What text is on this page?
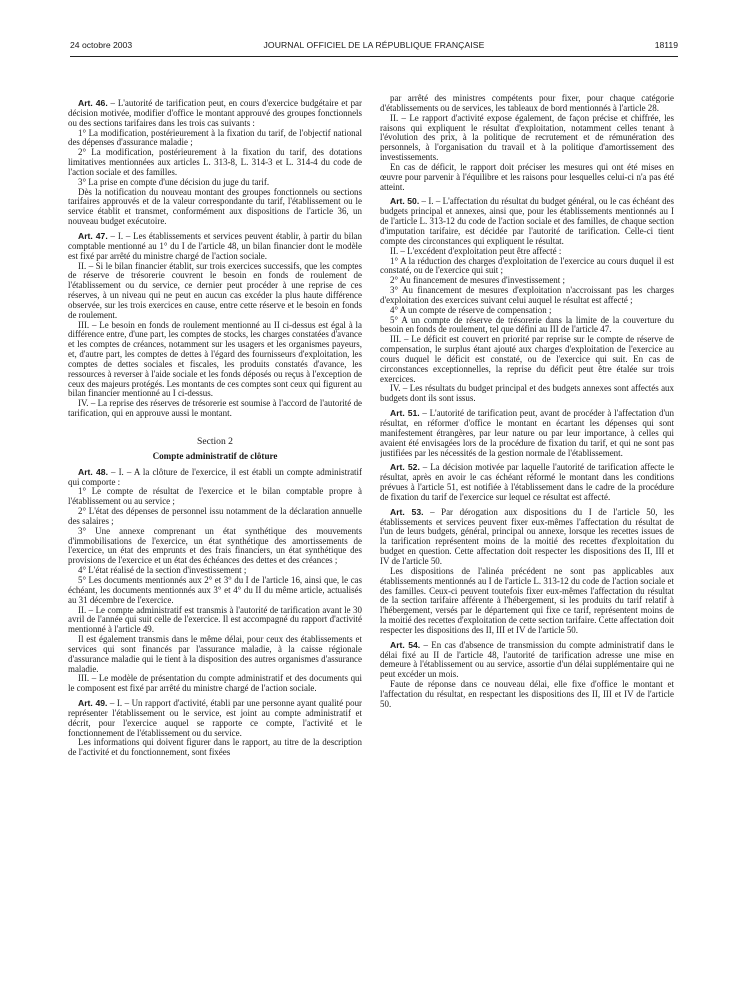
24 octobre 2003	JOURNAL OFFICIEL DE LA RÉPUBLIQUE FRANÇAISE	18119

Art. 46. – L'autorité de tarification peut, en cours d'exercice budgétaire et par décision motivée, modifier d'office le montant approuvé des groupes fonctionnels ou des sections tarifaires dans les trois cas suivants :

1° La modification, postérieurement à la fixation du tarif, de l'objectif national des dépenses d'assurance maladie ;

2° La modification, postérieurement à la fixation du tarif, des dotations limitatives mentionnées aux articles L. 313-8, L. 314-3 et L. 314-4 du code de l'action sociale et des familles.

3° La prise en compte d'une décision du juge du tarif.

Dès la notification du nouveau montant des groupes fonctionnels ou sections tarifaires approuvés et de la valeur correspondante du tarif, l'établissement ou le service établit et transmet, conformément aux dispositions de l'article 36, un nouveau budget exécutoire.

Art. 47. – I. – Les établissements et services peuvent établir, à partir du bilan comptable mentionné au 1° du I de l'article 48, un bilan financier dont le modèle est fixé par arrêté du ministre chargé de l'action sociale.

II. – Si le bilan financier établit, sur trois exercices successifs, que les comptes de réserve de trésorerie couvrent le besoin en fonds de roulement de l'établissement ou du service, ce dernier peut procéder à une reprise de ces réserves, à un niveau qui ne peut en aucun cas excéder la plus haute différence observée, sur les trois exercices en cause, entre cette réserve et le besoin en fonds de roulement.

III. – Le besoin en fonds de roulement mentionné au II ci-dessus est égal à la différence entre, d'une part, les comptes de stocks, les charges constatées d'avance et les comptes de créances, notamment sur les usagers et les organismes payeurs, et, d'autre part, les comptes de dettes à l'égard des fournisseurs d'exploitation, les comptes de dettes sociales et fiscales, les produits constatés d'avance, les ressources à reverser à l'aide sociale et les fonds déposés ou reçus à l'exception de ceux des majeurs protégés. Les montants de ces comptes sont ceux qui figurent au bilan financier mentionné au I ci-dessus.

IV. – La reprise des réserves de trésorerie est soumise à l'accord de l'autorité de tarification, qui en approuve aussi le montant.

Section 2

Compte administratif de clôture

Art. 48. – I. – A la clôture de l'exercice, il est établi un compte administratif qui comporte :

1° Le compte de résultat de l'exercice et le bilan comptable propre à l'établissement ou au service ;

2° L'état des dépenses de personnel issu notamment de la déclaration annuelle des salaires ;

3° Une annexe comprenant un état synthétique des mouvements d'immobilisations de l'exercice, un état synthétique des amortissements de l'exercice, un état des emprunts et des frais financiers, un état synthétique des provisions de l'exercice et un état des échéances des dettes et des créances ;

4° L'état réalisé de la section d'investissement ;

5° Les documents mentionnés aux 2° et 3° du I de l'article 16, ainsi que, le cas échéant, les documents mentionnés aux 3° et 4° du II du même article, actualisés au 31 décembre de l'exercice.

II. – Le compte administratif est transmis à l'autorité de tarification avant le 30 avril de l'année qui suit celle de l'exercice. Il est accompagné du rapport d'activité mentionné à l'article 49.

Il est également transmis dans le même délai, pour ceux des établissements et services qui sont financés par l'assurance maladie, à la caisse régionale d'assurance maladie qui le tient à la disposition des autres organismes d'assurance maladie.

III. – Le modèle de présentation du compte administratif et des documents qui le composent est fixé par arrêté du ministre chargé de l'action sociale.

Art. 49. – I. – Un rapport d'activité, établi par une personne ayant qualité pour représenter l'établissement ou le service, est joint au compte administratif et décrit, pour l'exercice auquel se rapporte ce compte, l'activité et le fonctionnement de l'établissement ou du service.

Les informations qui doivent figurer dans le rapport, au titre de la description de l'activité et du fonctionnement, sont fixées

par arrêté des ministres compétents pour fixer, pour chaque catégorie d'établissements ou de services, les tableaux de bord mentionnés à l'article 28.

II. – Le rapport d'activité expose également, de façon précise et chiffrée, les raisons qui expliquent le résultat d'exploitation, notamment celles tenant à l'évolution des prix, à la politique de recrutement et de rémunération des personnels, à l'organisation du travail et à la politique d'amortissement des investissements.

En cas de déficit, le rapport doit préciser les mesures qui ont été mises en œuvre pour parvenir à l'équilibre et les raisons pour lesquelles celui-ci n'a pas été atteint.

Art. 50. – I. – L'affectation du résultat du budget général, ou le cas échéant des budgets principal et annexes, ainsi que, pour les établissements mentionnés au I de l'article L. 313-12 du code de l'action sociale et des familles, de chaque section d'imputation tarifaire, est décidée par l'autorité de tarification. Celle-ci tient compte des circonstances qui expliquent le résultat.

II. – L'excédent d'exploitation peut être affecté :

1° A la réduction des charges d'exploitation de l'exercice au cours duquel il est constaté, ou de l'exercice qui suit ;

2° Au financement de mesures d'investissement ;

3° Au financement de mesures d'exploitation n'accroissant pas les charges d'exploitation des exercices suivant celui auquel le résultat est affecté ;

4° A un compte de réserve de compensation ;

5° A un compte de réserve de trésorerie dans la limite de la couverture du besoin en fonds de roulement, tel que défini au III de l'article 47.

III. – Le déficit est couvert en priorité par reprise sur le compte de réserve de compensation, le surplus étant ajouté aux charges d'exploitation de l'exercice au cours duquel le déficit est constaté, ou de l'exercice qui suit. En cas de circonstances exceptionnelles, la reprise du déficit peut être étalée sur trois exercices.

IV. – Les résultats du budget principal et des budgets annexes sont affectés aux budgets dont ils sont issus.

Art. 51. – L'autorité de tarification peut, avant de procéder à l'affectation d'un résultat, en réformer d'office le montant en écartant les dépenses qui sont manifestement étrangères, par leur nature ou par leur importance, à celles qui avaient été envisagées lors de la procédure de fixation du tarif, et qui ne sont pas justifiées par les nécessités de la gestion normale de l'établissement.

Art. 52. – La décision motivée par laquelle l'autorité de tarification affecte le résultat, après en avoir le cas échéant réformé le montant dans les conditions prévues à l'article 51, est notifiée à l'établissement dans le cadre de la procédure de fixation du tarif de l'exercice sur lequel ce résultat est affecté.

Art. 53. – Par dérogation aux dispositions du I de l'article 50, les établissements et services peuvent fixer eux-mêmes l'affectation du résultat de l'un de leurs budgets, général, principal ou annexe, lorsque les recettes issues de la tarification représentent moins de la moitié des recettes d'exploitation du budget en question. Cette affectation doit respecter les dispositions des II, III et IV de l'article 50.

Les dispositions de l'alinéa précédent ne sont pas applicables aux établissements mentionnés au I de l'article L. 313-12 du code de l'action sociale et des familles. Ceux-ci peuvent toutefois fixer eux-mêmes l'affectation du résultat de la section tarifaire afférente à l'hébergement, si les produits du tarif relatif à l'hébergement, versés par le département qui fixe ce tarif, représentent moins de la moitié des recettes d'exploitation de cette section tarifaire. Cette affectation doit respecter les dispositions des II, III et IV de l'article 50.

Art. 54. – En cas d'absence de transmission du compte administratif dans le délai fixé au II de l'article 48, l'autorité de tarification adresse une mise en demeure à l'établissement ou au service, assortie d'un délai supplémentaire qui ne peut excéder un mois.

Faute de réponse dans ce nouveau délai, elle fixe d'office le montant et l'affectation du résultat, en respectant les dispositions des II, III et IV de l'article 50.
